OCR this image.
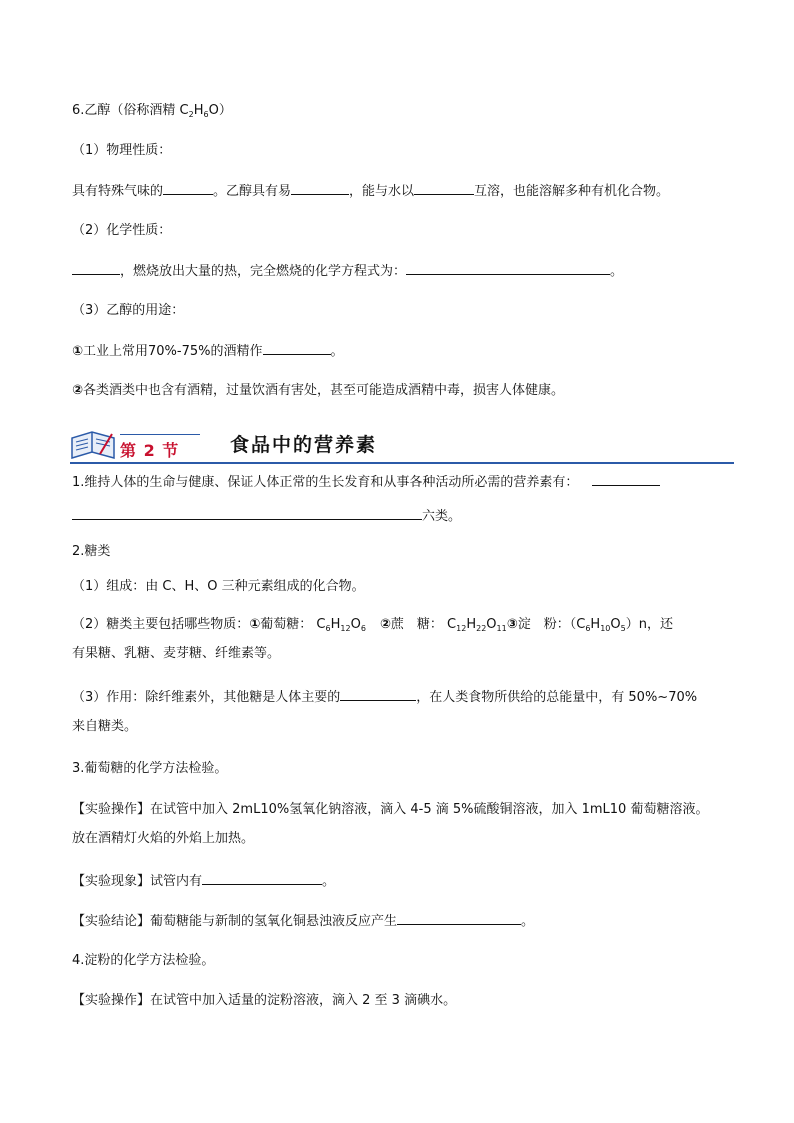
6.乙醇（俗称酒精 $C_2H_6O$）
（1）物理性质：
具有特殊气味的	。乙醇具有易	，能与水以	互溶，也能溶解多种有机化合物。
（2）化学性质：
，燃烧放出大量的热，完全燃烧的化学方程式为：	。
（3）乙醇的用途：
①工业上常用70%-75%的酒精作	。
②各类酒类中也含有酒精，过量饮酒有害处，甚至可能造成酒精中毒，损害人体健康。
第 2 节	食品中的营养素
1.维持人体的生命与健康、保证人体正常的生长发育和从事各种活动所必需的营养素有：
六类。
2.糖类
（1）组成：由 C、H、O 三种元素组成的化合物。
（2）糖类主要包括哪些物质：①葡萄糖： $C_6H_{12}O_6$ ②蔗　糖： $C_{12}H_{22}O_{11}③$淀　粉：$(C_6H_{10}O_5)n$，还
有果糖、乳糖、麦芽糖、纤维素等。
（3）作用：除纤维素外，其他糖是人体主要的	，在人类食物所供给的总能量中，有 50%~70%
来自糖类。
3.葡萄糖的化学方法检验。
【实验操作】在试管中加入 2mL10%氢氧化钠溶液，滴入 4-5 滴 5%硫酸铜溶液，加入 1mL10 葡萄糖溶液。
放在酒精灯火焰的外焰上加热。
【实验现象】试管内有	。
【实验结论】葡萄糖能与新制的氢氧化铜悬浊液反应产生	。
4.淀粉的化学方法检验。
【实验操作】在试管中加入适量的淀粉溶液，滴入 2 至 3 滴碘水。
